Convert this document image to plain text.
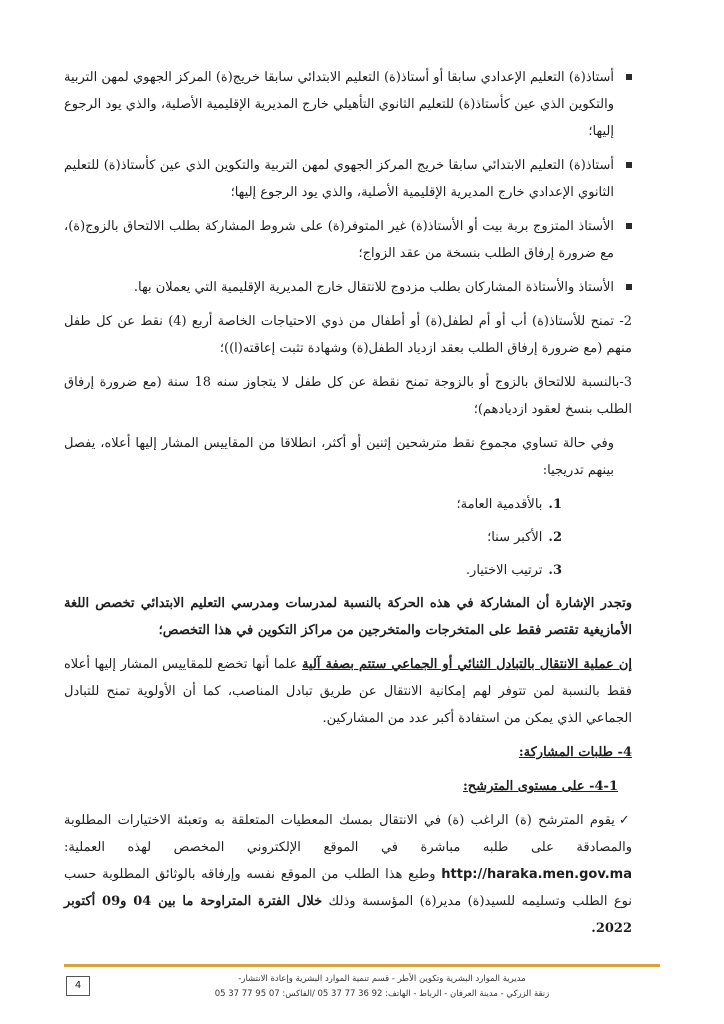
أستاذ(ة) التعليم الإعدادي سابقا أو أستاذ(ة) التعليم الابتدائي سابقا خريج(ة) المركز الجهوي لمهن التربية والتكوين الذي عين كأستاذ(ة) للتعليم الثانوي التأهيلي خارج المديرية الإقليمية الأصلية، والذي يود الرجوع إليها؛
أستاذ(ة) التعليم الابتدائي سابقا خريج المركز الجهوي لمهن التربية والتكوين الذي عين كأستاذ(ة) للتعليم الثانوي الإعدادي خارج المديرية الإقليمية الأصلية، والذي يود الرجوع إليها؛
الأستاذ المتزوج بربة بيت أو الأستاذ(ة) غير المتوفر(ة) على شروط المشاركة بطلب الالتحاق بالزوج(ة)، مع ضرورة إرفاق الطلب بنسخة من عقد الزواج؛
الأستاذ والأستاذة المشاركان بطلب مزدوج للانتقال خارج المديرية الإقليمية التي يعملان بها.

2- تمنح للأستاذ(ة) أب أو أم لطفل(ة) أو أطفال من ذوي الاحتياجات الخاصة أربع (4) نقط عن كل طفل منهم (مع ضرورة إرفاق الطلب بعقد ازدياد الطفل(ة) وشهادة تثبت إعاقته(ا))؛

3-بالنسبة للالتحاق بالزوج أو بالزوجة تمنح نقطة عن كل طفل لا يتجاوز سنه 18 سنة (مع ضرورة إرفاق الطلب بنسخ لعقود ازديادهم)؛

وفي حالة تساوي مجموع نقط مترشحين إثنين أو أكثر، انطلاقا من المقاييس المشار إليها أعلاه، يفصل بينهم تدريجيا:

1.بالأقدمية العامة؛
2.الأكبر سنا؛
3.ترتيب الاختيار.

وتجدر الإشارة أن المشاركة في هذه الحركة بالنسبة لمدرسات ومدرسي التعليم الابتدائي تخصص اللغة الأمازيغية تقتصر فقط على المتخرجات والمتخرجين من مراكز التكوين في هذا التخصص؛

إن عملية الانتقال بالتبادل الثنائي أو الجماعي ستتم بصفة آلية علما أنها تخضع للمقاييس المشار إليها أعلاه فقط بالنسبة لمن تتوفر لهم إمكانية الانتقال عن طريق تبادل المناصب، كما أن الأولوية تمنح للتبادل الجماعي الذي يمكن من استفادة أكبر عدد من المشاركين.

4- طلبات المشاركة:

4-1- على مستوى المترشح:

✓يقوم المترشح (ة) الراغب (ة) في الانتقال بمسك المعطيات المتعلقة به وتعبئة الاختيارات المطلوبة والمصادقة على طلبه مباشرة في الموقع الإلكتروني المخصص لهذه العملية: http://haraka.men.gov.ma وطبع هذا الطلب من الموقع نفسه وإرفاقه بالوثائق المطلوبة حسب نوع الطلب وتسليمه للسيد(ة) مدير(ة) المؤسسة وذلك خلال الفترة المتراوحة ما بين 04 و09 أكتوبر 2022.

مديرية الموارد البشرية وتكوين الأطر - قسم تنمية الموارد البشرية وإعادة الانتشار-
زنقة الزركي - مدينة العرفان - الرباط - الهاتف: 92 36 77 37 05 /الفاكس: 07 95 77 37 05
4
